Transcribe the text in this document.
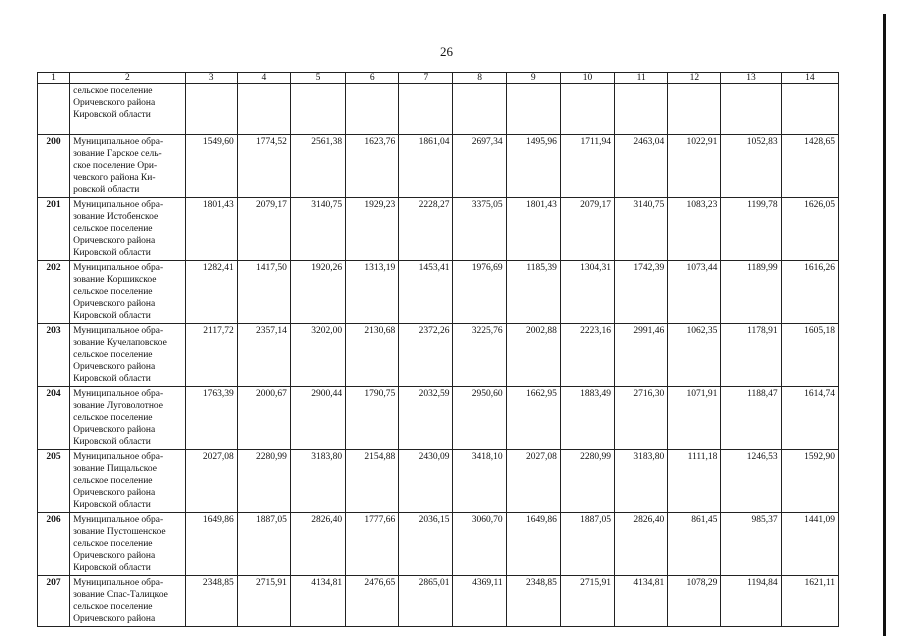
26
1	2	3	4	5	6	7	8	9	10	11	12	13	14
	сельское поселение
Оричевского района
Кировской области												
200	Муниципальное обра-
зование Гарское сель-
ское поселение Ори-
чевского района Ки-
ровской области	1549,60	1774,52	2561,38	1623,76	1861,04	2697,34	1495,96	1711,94	2463,04	1022,91	1052,83	1428,65
201	Муниципальное обра-
зование Истобенское
сельское поселение
Оричевского района
Кировской области	1801,43	2079,17	3140,75	1929,23	2228,27	3375,05	1801,43	2079,17	3140,75	1083,23	1199,78	1626,05
202	Муниципальное обра-
зование Коршикское
сельское поселение
Оричевского района
Кировской области	1282,41	1417,50	1920,26	1313,19	1453,41	1976,69	1185,39	1304,31	1742,39	1073,44	1189,99	1616,26
203	Муниципальное обра-
зование Кучелаповское
сельское поселение
Оричевского района
Кировской области	2117,72	2357,14	3202,00	2130,68	2372,26	3225,76	2002,88	2223,16	2991,46	1062,35	1178,91	1605,18
204	Муниципальное обра-
зование Луговолотное
сельское поселение
Оричевского района
Кировской области	1763,39	2000,67	2900,44	1790,75	2032,59	2950,60	1662,95	1883,49	2716,30	1071,91	1188,47	1614,74
205	Муниципальное обра-
зование Пищальское
сельское поселение
Оричевского района
Кировской области	2027,08	2280,99	3183,80	2154,88	2430,09	3418,10	2027,08	2280,99	3183,80	1111,18	1246,53	1592,90
206	Муниципальное обра-
зование Пустошенское
сельское поселение
Оричевского района
Кировской области	1649,86	1887,05	2826,40	1777,66	2036,15	3060,70	1649,86	1887,05	2826,40	861,45	985,37	1441,09
207	Муниципальное обра-
зование Спас-Талицкое
сельское поселение
Оричевского района	2348,85	2715,91	4134,81	2476,65	2865,01	4369,11	2348,85	2715,91	4134,81	1078,29	1194,84	1621,11
